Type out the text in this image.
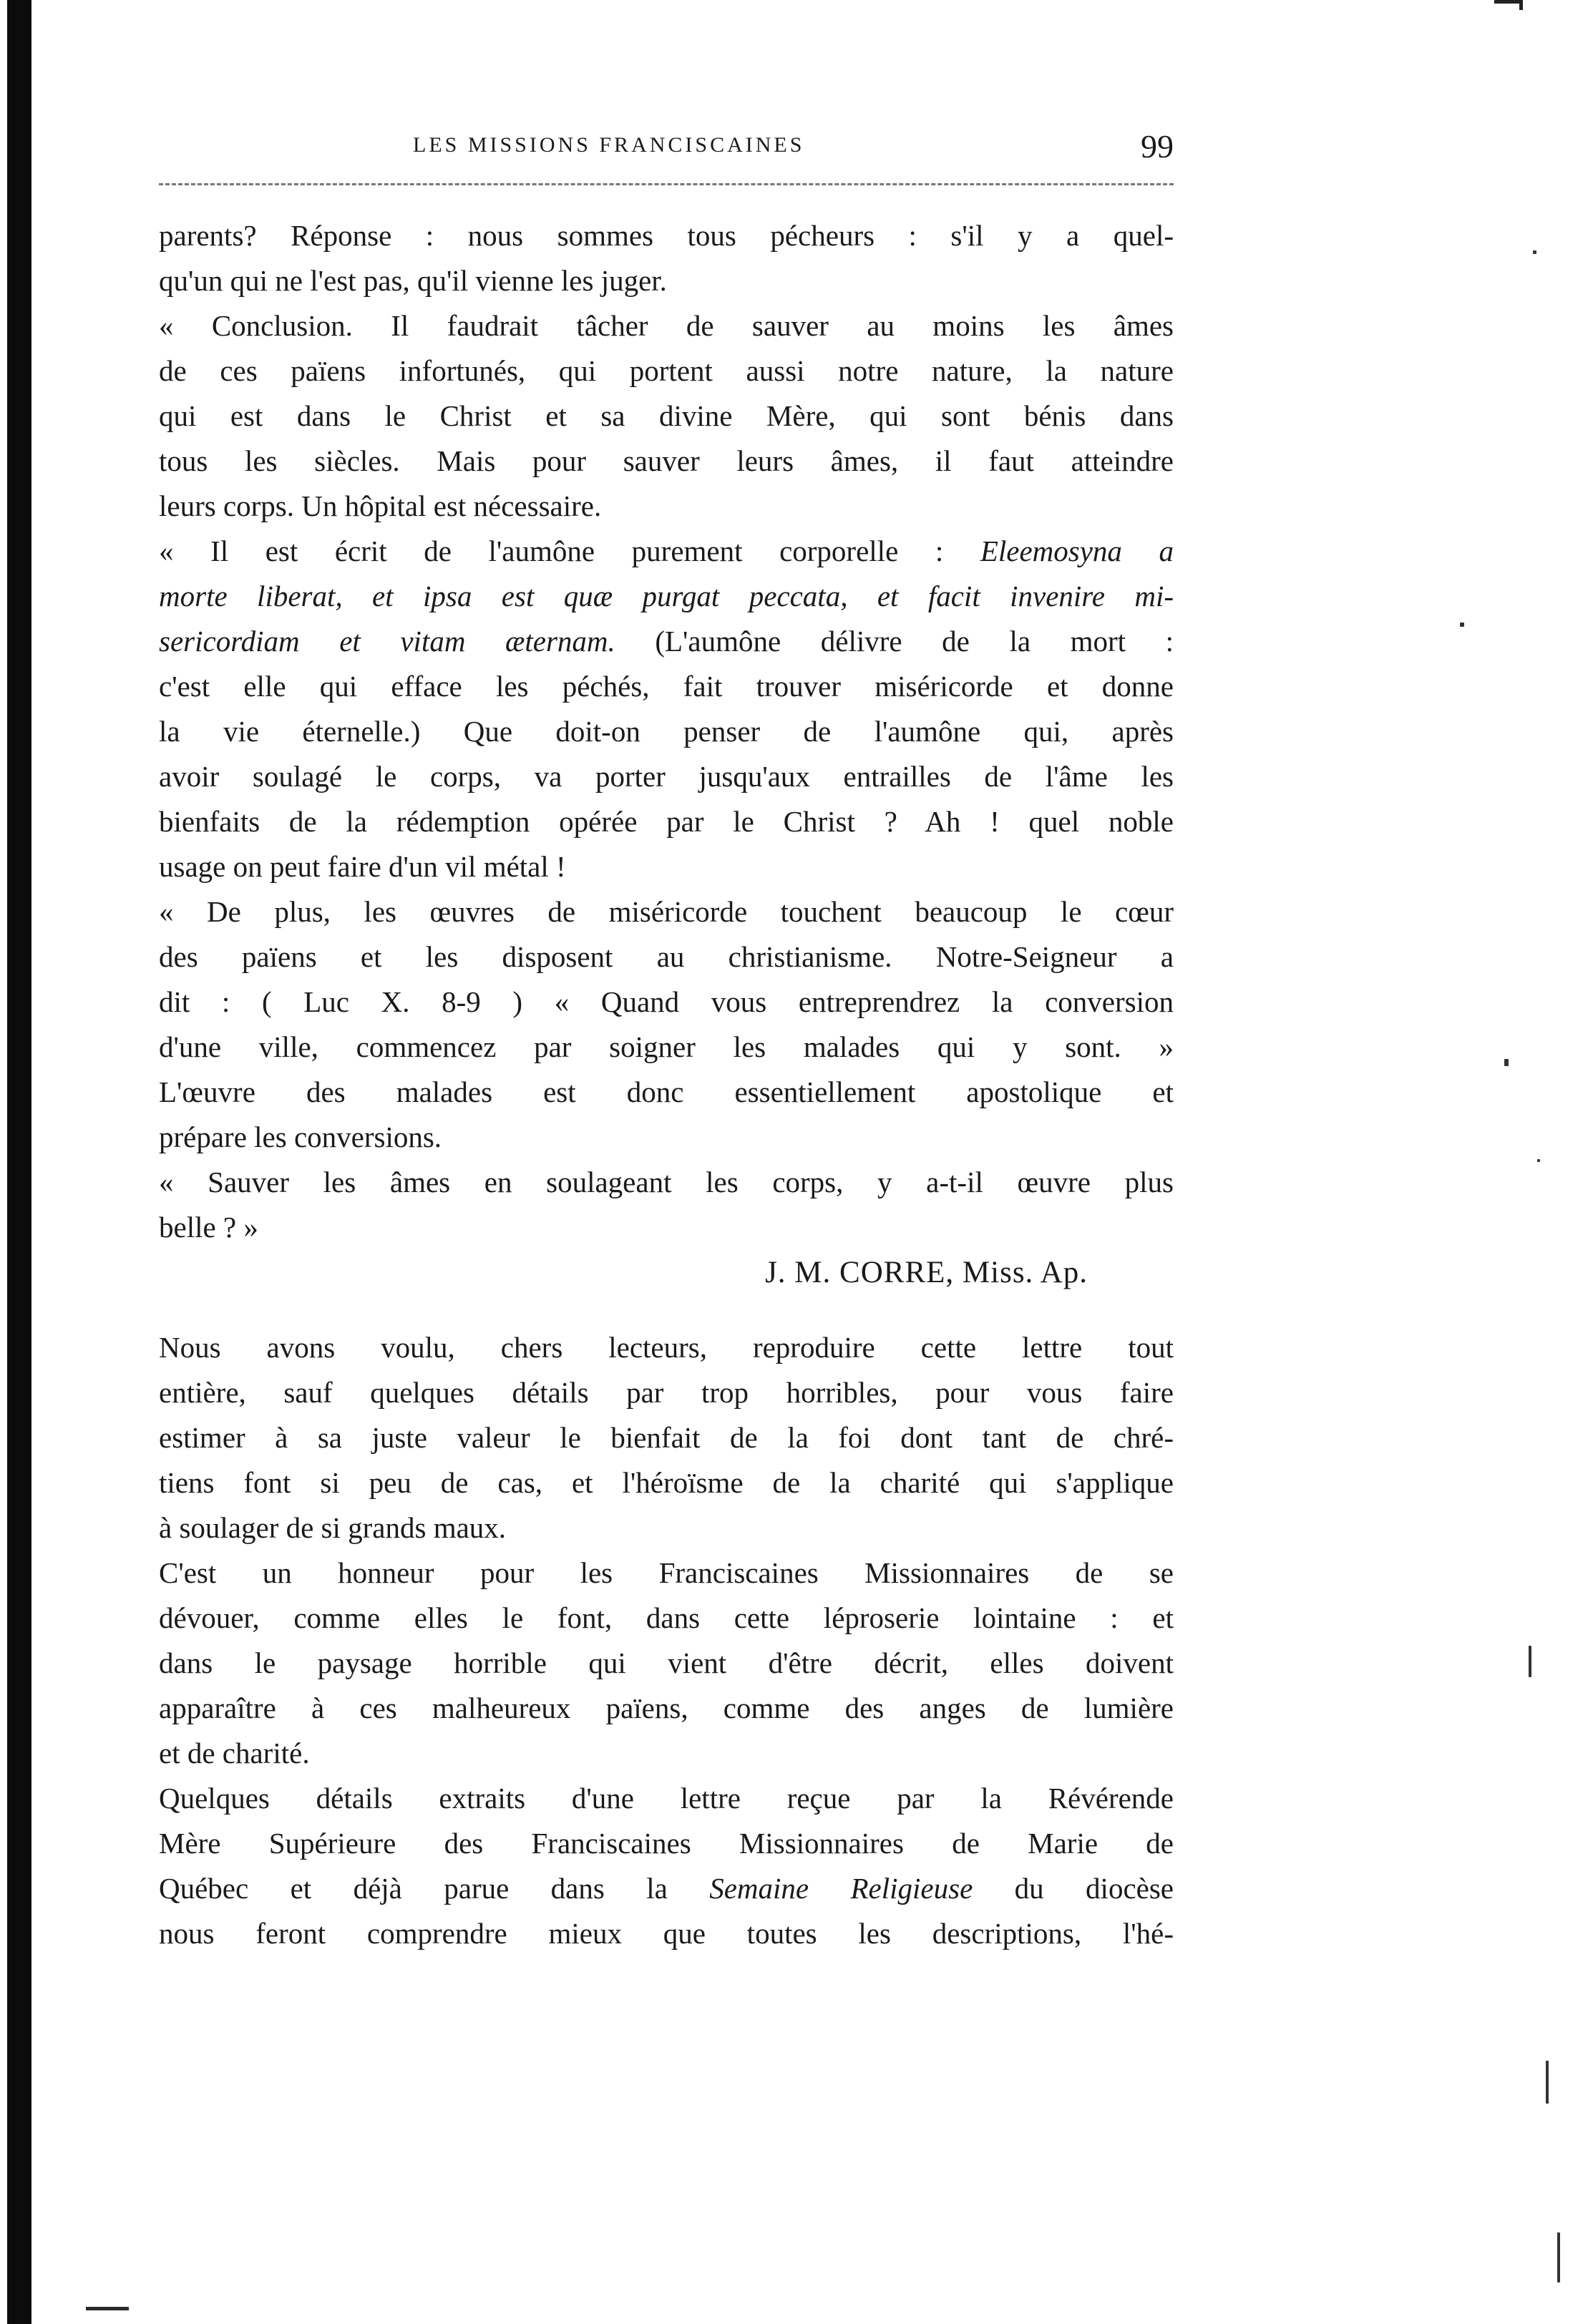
LES MISSIONS FRANCISCAINES	99
parents? Réponse : nous sommes tous pécheurs : s'il y a quel-
qu'un qui ne l'est pas, qu'il vienne les juger.
« Conclusion. Il faudrait tâcher de sauver au moins les âmes
de ces païens infortunés, qui portent aussi notre nature, la nature
qui est dans le Christ et sa divine Mère, qui sont bénis dans
tous les siècles. Mais pour sauver leurs âmes, il faut atteindre
leurs corps. Un hôpital est nécessaire.
« Il est écrit de l'aumône purement corporelle : Eleemosyna a
morte liberat, et ipsa est quæ purgat peccata, et facit invenire mi-
sericordiam et vitam æternam. (L'aumône délivre de la mort :
c'est elle qui efface les péchés, fait trouver miséricorde et donne
la vie éternelle.) Que doit-on penser de l'aumône qui, après
avoir soulagé le corps, va porter jusqu'aux entrailles de l'âme les
bienfaits de la rédemption opérée par le Christ ? Ah ! quel noble
usage on peut faire d'un vil métal !
« De plus, les œuvres de miséricorde touchent beaucoup le cœur
des païens et les disposent au christianisme. Notre-Seigneur a
dit : ( Luc X. 8-9 ) « Quand vous entreprendrez la conversion
d'une ville, commencez par soigner les malades qui y sont. »
L'œuvre des malades est donc essentiellement apostolique et
prépare les conversions.
« Sauver les âmes en soulageant les corps, y a-t-il œuvre plus
belle ? »
J. M. CORRE, Miss. Ap.
Nous avons voulu, chers lecteurs, reproduire cette lettre tout
entière, sauf quelques détails par trop horribles, pour vous faire
estimer à sa juste valeur le bienfait de la foi dont tant de chré-
tiens font si peu de cas, et l'héroïsme de la charité qui s'applique
à soulager de si grands maux.
C'est un honneur pour les Franciscaines Missionnaires de se
dévouer, comme elles le font, dans cette léproserie lointaine : et
dans le paysage horrible qui vient d'être décrit, elles doivent
apparaître à ces malheureux païens, comme des anges de lumière
et de charité.
Quelques détails extraits d'une lettre reçue par la Révérende
Mère Supérieure des Franciscaines Missionnaires de Marie de
Québec et déjà parue dans la Semaine Religieuse du diocèse
nous feront comprendre mieux que toutes les descriptions, l'hé-
